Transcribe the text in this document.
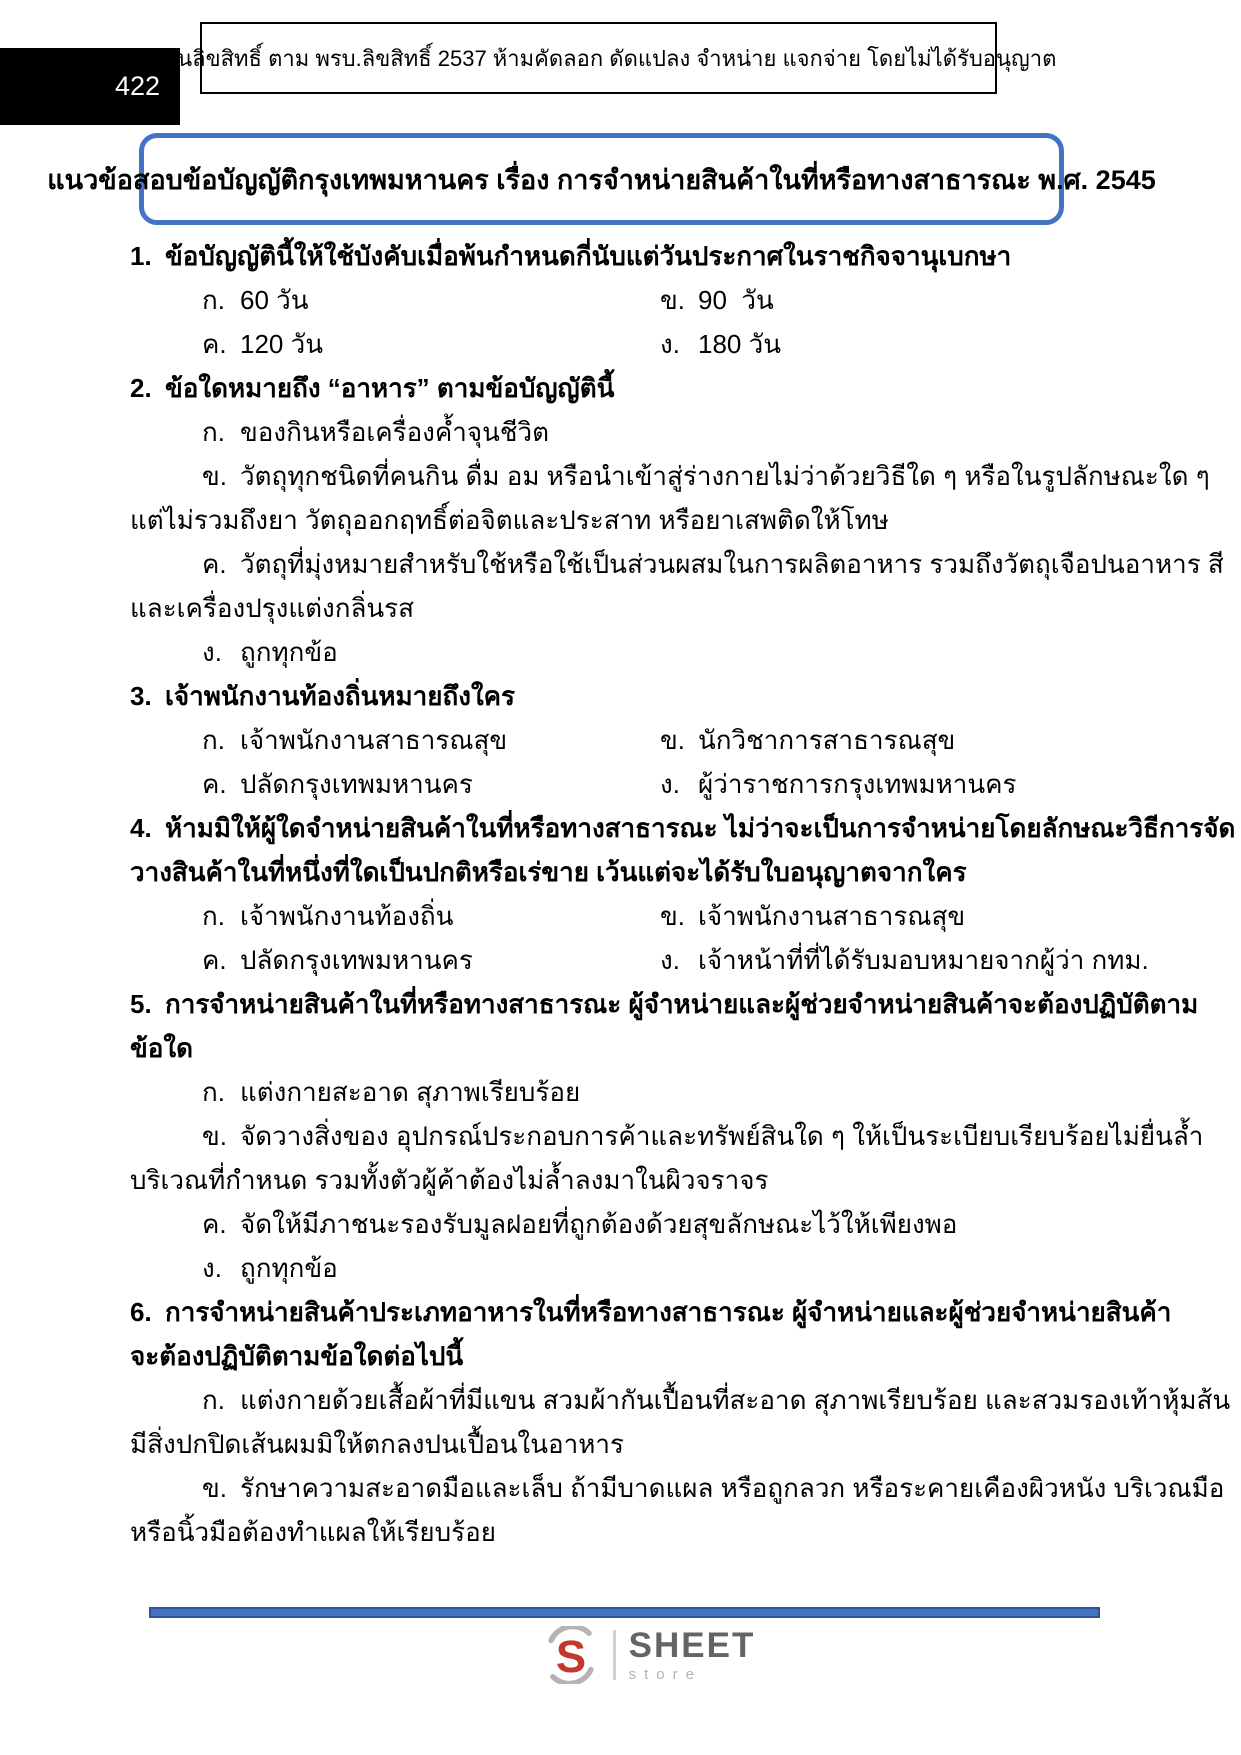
422
สงวนลิขสิทธิ์ ตาม พรบ.ลิขสิทธิ์ 2537 ห้ามคัดลอก ดัดแปลง จำหน่าย แจกจ่าย โดยไม่ได้รับอนุญาต
แนวข้อสอบข้อบัญญัติกรุงเทพมหานคร เรื่อง การจำหน่ายสินค้าในที่หรือทางสาธารณะ พ.ศ. 2545
1. ข้อบัญญัตินี้ให้ใช้บังคับเมื่อพ้นกำหนดกี่นับแต่วันประกาศในราชกิจจานุเบกษา
ก. 60 วัน	ข. 90  วัน
ค. 120 วัน	ง. 180 วัน
2. ข้อใดหมายถึง “อาหาร” ตามข้อบัญญัตินี้
ก. ของกินหรือเครื่องค้ำจุนชีวิต
ข. วัตถุทุกชนิดที่คนกิน ดื่ม อม หรือนำเข้าสู่ร่างกายไม่ว่าด้วยวิธีใด ๆ หรือในรูปลักษณะใด ๆ
แต่ไม่รวมถึงยา วัตถุออกฤทธิ์ต่อจิตและประสาท หรือยาเสพติดให้โทษ
ค. วัตถุที่มุ่งหมายสำหรับใช้หรือใช้เป็นส่วนผสมในการผลิตอาหาร รวมถึงวัตถุเจือปนอาหาร สี
และเครื่องปรุงแต่งกลิ่นรส
ง. ถูกทุกข้อ
3. เจ้าพนักงานท้องถิ่นหมายถึงใคร
ก. เจ้าพนักงานสาธารณสุข	ข. นักวิชาการสาธารณสุข
ค. ปลัดกรุงเทพมหานคร	ง. ผู้ว่าราชการกรุงเทพมหานคร
4. ห้ามมิให้ผู้ใดจำหน่ายสินค้าในที่หรือทางสาธารณะ ไม่ว่าจะเป็นการจำหน่ายโดยลักษณะวิธีการจัด
วางสินค้าในที่หนึ่งที่ใดเป็นปกติหรือเร่ขาย เว้นแต่จะได้รับใบอนุญาตจากใคร
ก. เจ้าพนักงานท้องถิ่น	ข. เจ้าพนักงานสาธารณสุข
ค. ปลัดกรุงเทพมหานคร	ง. เจ้าหน้าที่ที่ได้รับมอบหมายจากผู้ว่า กทม.
5. การจำหน่ายสินค้าในที่หรือทางสาธารณะ ผู้จำหน่ายและผู้ช่วยจำหน่ายสินค้าจะต้องปฏิบัติตาม
ข้อใด
ก. แต่งกายสะอาด สุภาพเรียบร้อย
ข. จัดวางสิ่งของ อุปกรณ์ประกอบการค้าและทรัพย์สินใด ๆ ให้เป็นระเบียบเรียบร้อยไม่ยื่นล้ำ
บริเวณที่กำหนด รวมทั้งตัวผู้ค้าต้องไม่ล้ำลงมาในผิวจราจร
ค. จัดให้มีภาชนะรองรับมูลฝอยที่ถูกต้องด้วยสุขลักษณะไว้ให้เพียงพอ
ง. ถูกทุกข้อ
6. การจำหน่ายสินค้าประเภทอาหารในที่หรือทางสาธารณะ ผู้จำหน่ายและผู้ช่วยจำหน่ายสินค้า
จะต้องปฏิบัติตามข้อใดต่อไปนี้
ก. แต่งกายด้วยเสื้อผ้าที่มีแขน สวมผ้ากันเปื้อนที่สะอาด สุภาพเรียบร้อย และสวมรองเท้าหุ้มส้น
มีสิ่งปกปิดเส้นผมมิให้ตกลงปนเปื้อนในอาหาร
ข. รักษาความสะอาดมือและเล็บ ถ้ามีบาดแผล หรือถูกลวก หรือระคายเคืองผิวหนัง บริเวณมือ
หรือนิ้วมือต้องทำแผลให้เรียบร้อย
S SHEET
store
